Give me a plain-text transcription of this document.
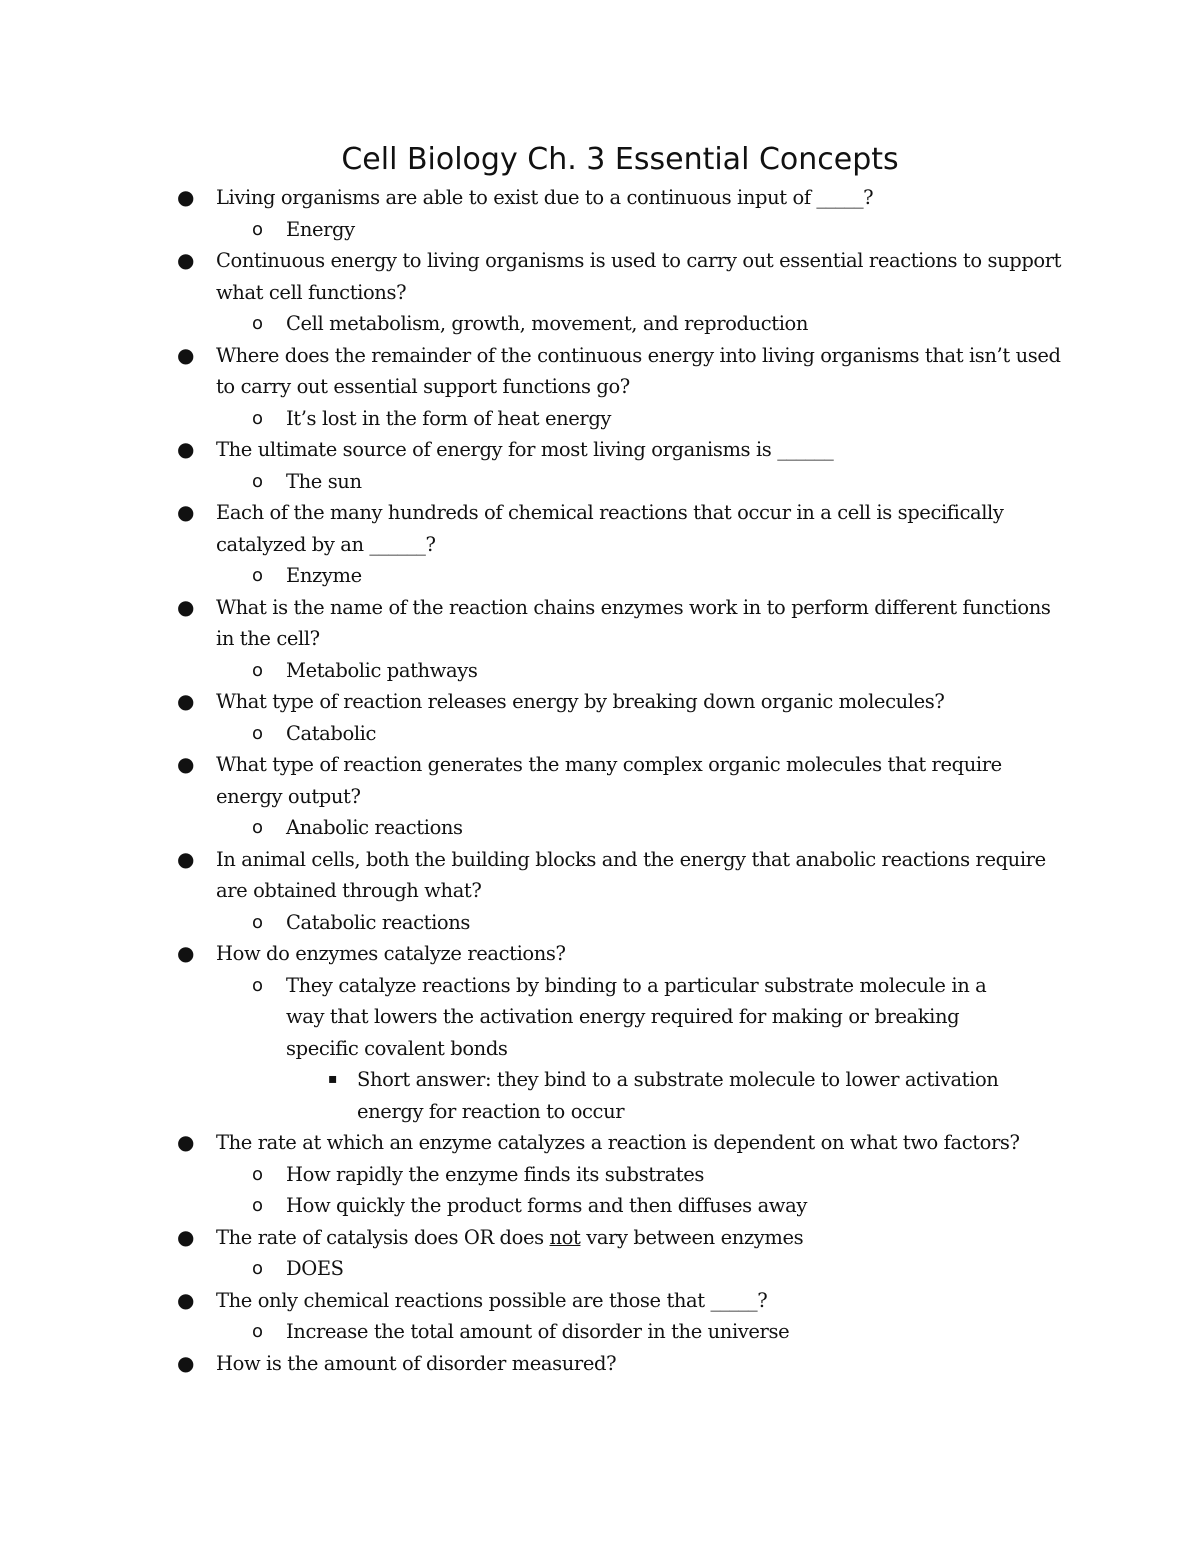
Cell Biology Ch. 3 Essential Concepts
● Living organisms are able to exist due to a continuous input of _____?
o Energy
● Continuous energy to living organisms is used to carry out essential reactions to support what cell functions?
o Cell metabolism, growth, movement, and reproduction
● Where does the remainder of the continuous energy into living organisms that isn’t used to carry out essential support functions go?
o It’s lost in the form of heat energy
● The ultimate source of energy for most living organisms is ______
o The sun
● Each of the many hundreds of chemical reactions that occur in a cell is specifically catalyzed by an ______?
o Enzyme
● What is the name of the reaction chains enzymes work in to perform different functions in the cell?
o Metabolic pathways
● What type of reaction releases energy by breaking down organic molecules?
o Catabolic
● What type of reaction generates the many complex organic molecules that require energy output?
o Anabolic reactions
● In animal cells, both the building blocks and the energy that anabolic reactions require are obtained through what?
o Catabolic reactions
● How do enzymes catalyze reactions?
o They catalyze reactions by binding to a particular substrate molecule in a way that lowers the activation energy required for making or breaking specific covalent bonds
▪ Short answer: they bind to a substrate molecule to lower activation energy for reaction to occur
● The rate at which an enzyme catalyzes a reaction is dependent on what two factors?
o How rapidly the enzyme finds its substrates
o How quickly the product forms and then diffuses away
● The rate of catalysis does OR does not vary between enzymes
o DOES
● The only chemical reactions possible are those that _____?
o Increase the total amount of disorder in the universe
● How is the amount of disorder measured?
